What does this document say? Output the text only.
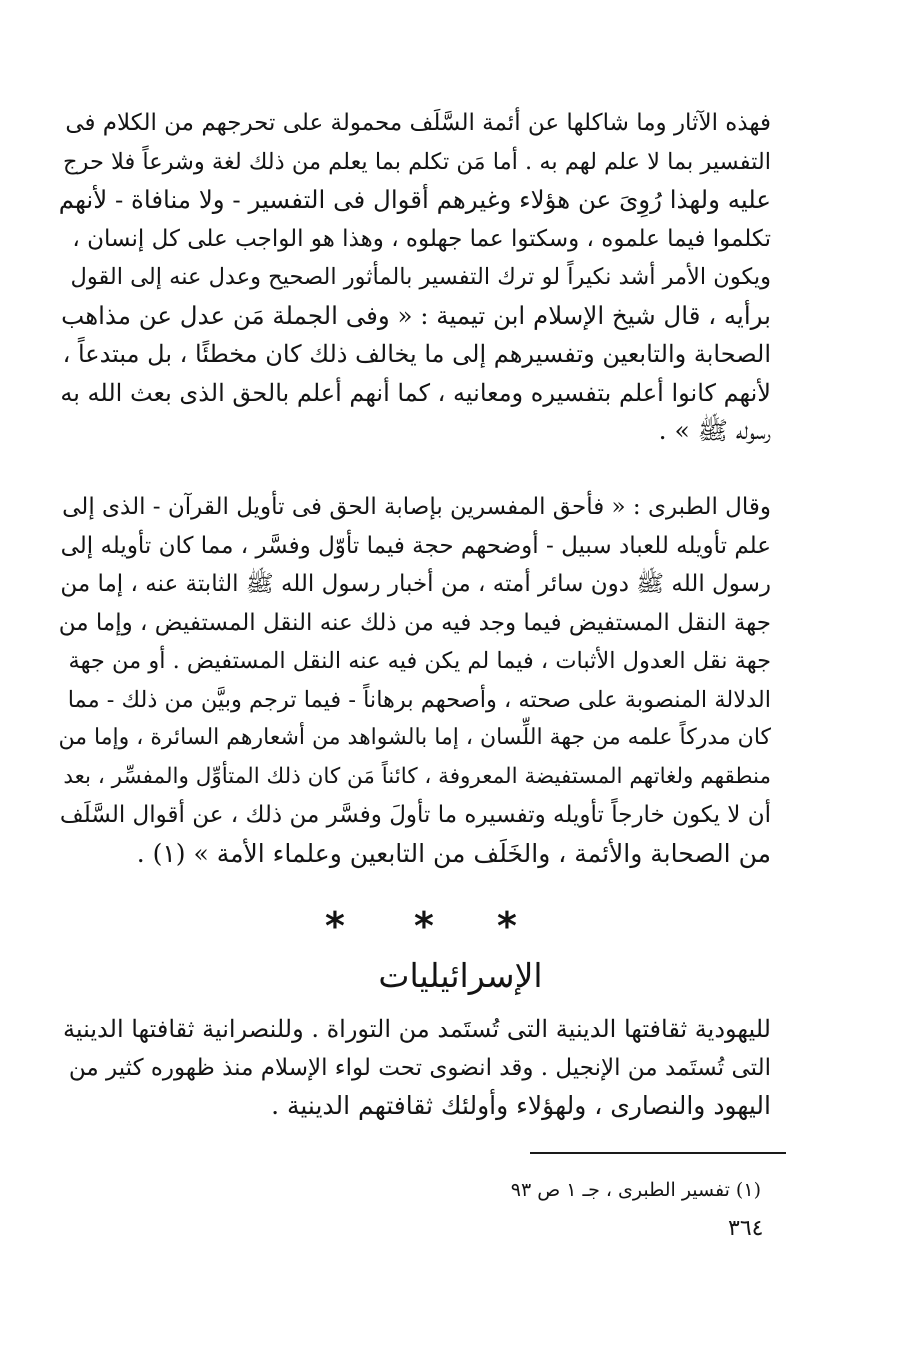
فهذه الآثار وما شاكلها عن أئمة السَّلَف محمولة على تحرجهم من الكلام فى
التفسير بما لا علم لهم به . أما مَن تكلم بما يعلم من ذلك لغة وشرعاً فلا حرج
عليه ولهذا رُوِىَ عن هؤلاء وغيرهم أقوال فى التفسير - ولا منافاة - لأنهم
تكلموا فيما علموه ، وسكتوا عما جهلوه ، وهذا هو الواجب على كل إنسان ،
ويكون الأمر أشد نكيراً لو ترك التفسير بالمأثور الصحيح وعدل عنه إلى القول
برأيه ، قال شيخ الإسلام ابن تيمية : « وفى الجملة مَن عدل عن مذاهب
الصحابة والتابعين وتفسيرهم إلى ما يخالف ذلك كان مخطئًا ، بل مبتدعاً ،
لأنهم كانوا أعلم بتفسيره ومعانيه ، كما أنهم أعلم بالحق الذى بعث الله به
رسوله ﷺ » .
وقال الطبرى : « فأحق المفسرين بإصابة الحق فى تأويل القرآن - الذى إلى
علم تأويله للعباد سبيل - أوضحهم حجة فيما تأوّل وفسَّر ، مما كان تأويله إلى
رسول الله ﷺ دون سائر أمته ، من أخبار رسول الله ﷺ الثابتة عنه ، إما من
جهة النقل المستفيض فيما وجد فيه من ذلك عنه النقل المستفيض ، وإما من
جهة نقل العدول الأثبات ، فيما لم يكن فيه عنه النقل المستفيض . أو من جهة
الدلالة المنصوبة على صحته ، وأصحهم برهاناً - فيما ترجم وبيَّن من ذلك - مما
كان مدركاً علمه من جهة اللِّسان ، إما بالشواهد من أشعارهم السائرة ، وإما من
منطقهم ولغاتهم المستفيضة المعروفة ، كائناً مَن كان ذلك المتأوِّل والمفسِّر ، بعد
أن لا يكون خارجاً تأويله وتفسيره ما تأولَ وفسَّر من ذلك ، عن أقوال السَّلَف
من الصحابة والأئمة ، والخَلَف من التابعين وعلماء الأمة » (١) .
* * *
الإسرائيليات
لليهودية ثقافتها الدينية التى تُستَمد من التوراة . وللنصرانية ثقافتها الدينية
التى تُستَمد من الإنجيل . وقد انضوى تحت لواء الإسلام منذ ظهوره كثير من
اليهود والنصارى ، ولهؤلاء وأولئك ثقافتهم الدينية .
(١) تفسير الطبرى ، جـ ١ ص ٩٣
٣٦٤
